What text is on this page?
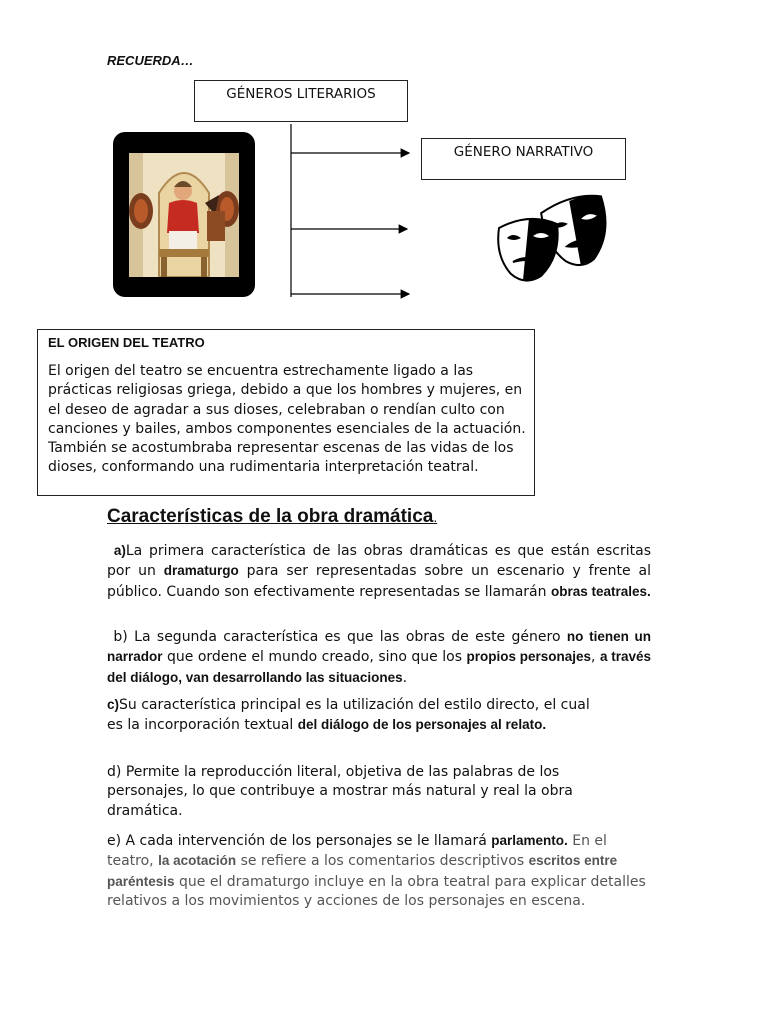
RECUERDA…
GÉNEROS LITERARIOS
GÉNERO NARRATIVO
EL ORIGEN DEL TEATRO

El origen del teatro se encuentra estrechamente ligado a las prácticas religiosas griega, debido a que los hombres y mujeres, en el deseo de agradar a sus dioses, celebraban o rendían culto con canciones y bailes, ambos componentes esenciales de la actuación. También se acostumbraba representar escenas de las vidas de los dioses, conformando una rudimentaria interpretación teatral.

Características de la obra dramática.

a)La primera característica de las obras dramáticas es que están escritas por un dramaturgo para ser representadas sobre un escenario y frente al público. Cuando son efectivamente representadas se llamarán obras teatrales.

b) La segunda característica es que las obras de este género no tienen un narrador que ordene el mundo creado, sino que los propios personajes, a través del diálogo, van desarrollando las situaciones.

c)Su característica principal es la utilización del estilo directo, el cual es la incorporación textual del diálogo de los personajes al relato.

d) Permite la reproducción literal, objetiva de las palabras de los personajes, lo que contribuye a mostrar más natural y real la obra dramática.

e) A cada intervención de los personajes se le llamará parlamento. En el teatro, la acotación se refiere a los comentarios descriptivos escritos entre paréntesis que el dramaturgo incluye en la obra teatral para explicar detalles relativos a los movimientos y acciones de los personajes en escena.
